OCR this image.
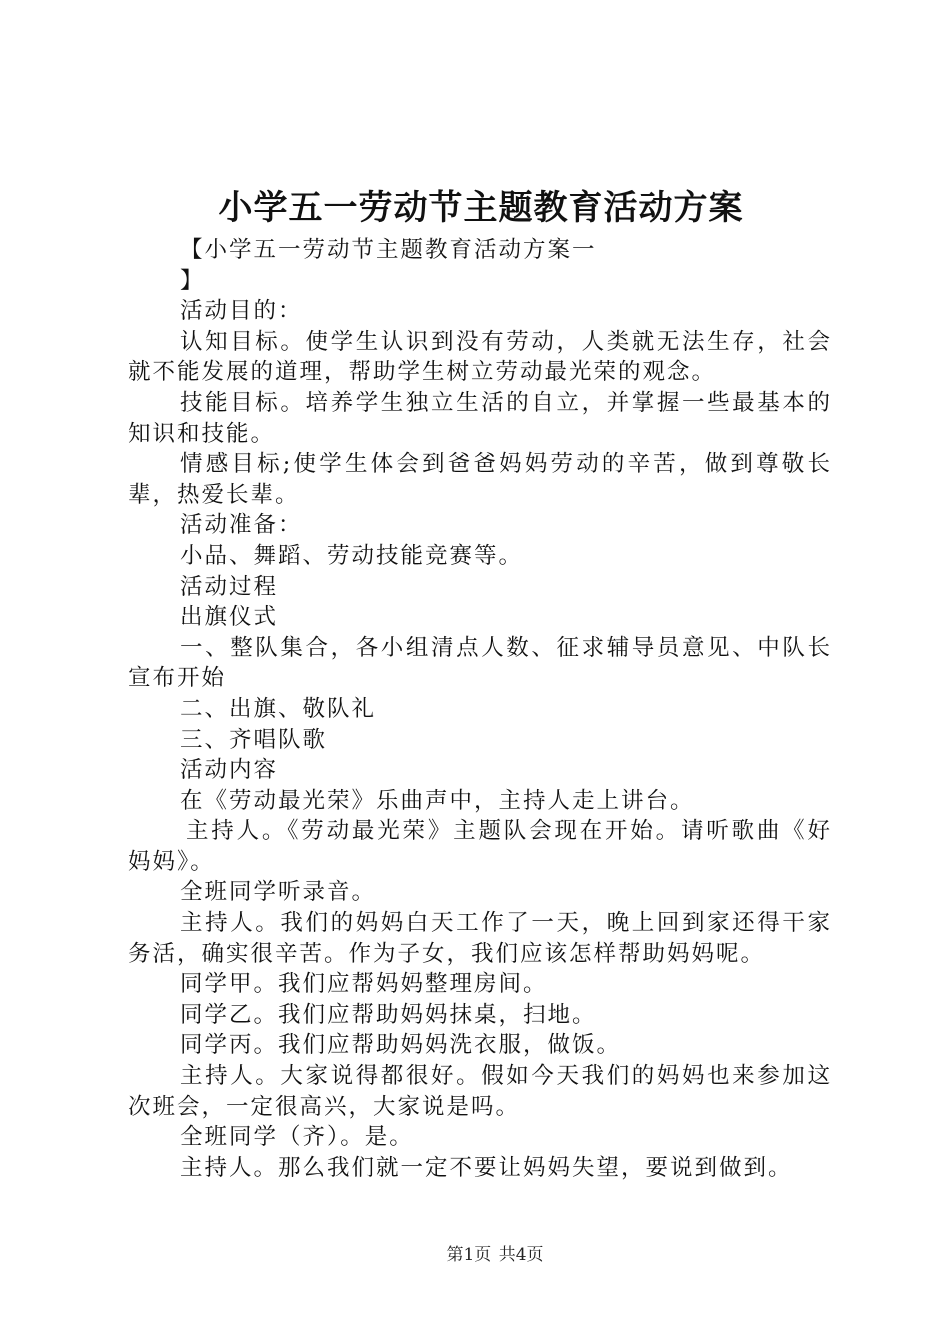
小学五一劳动节主题教育活动方案

【小学五一劳动节主题教育活动方案一

】

活动目的：

认知目标。使学生认识到没有劳动，人类就无法生存，社会就不能发展的道理，帮助学生树立劳动最光荣的观念。

技能目标。培养学生独立生活的自立，并掌握一些最基本的知识和技能。

情感目标;使学生体会到爸爸妈妈劳动的辛苦，做到尊敬长辈，热爱长辈。

活动准备：

小品、舞蹈、劳动技能竞赛等。

活动过程

出旗仪式

一、整队集合，各小组清点人数、征求辅导员意见、中队长宣布开始

二、出旗、敬队礼

三、齐唱队歌

活动内容

在《劳动最光荣》乐曲声中，主持人走上讲台。

主持人。《劳动最光荣》主题队会现在开始。请听歌曲《好妈妈》。

全班同学听录音。

主持人。我们的妈妈白天工作了一天，晚上回到家还得干家务活，确实很辛苦。作为子女，我们应该怎样帮助妈妈呢。

同学甲。我们应帮妈妈整理房间。

同学乙。我们应帮助妈妈抹桌，扫地。

同学丙。我们应帮助妈妈洗衣服，做饭。

主持人。大家说得都很好。假如今天我们的妈妈也来参加这次班会，一定很高兴，大家说是吗。

全班同学（齐）。是。

主持人。那么我们就一定不要让妈妈失望，要说到做到。

第1页 共4页
